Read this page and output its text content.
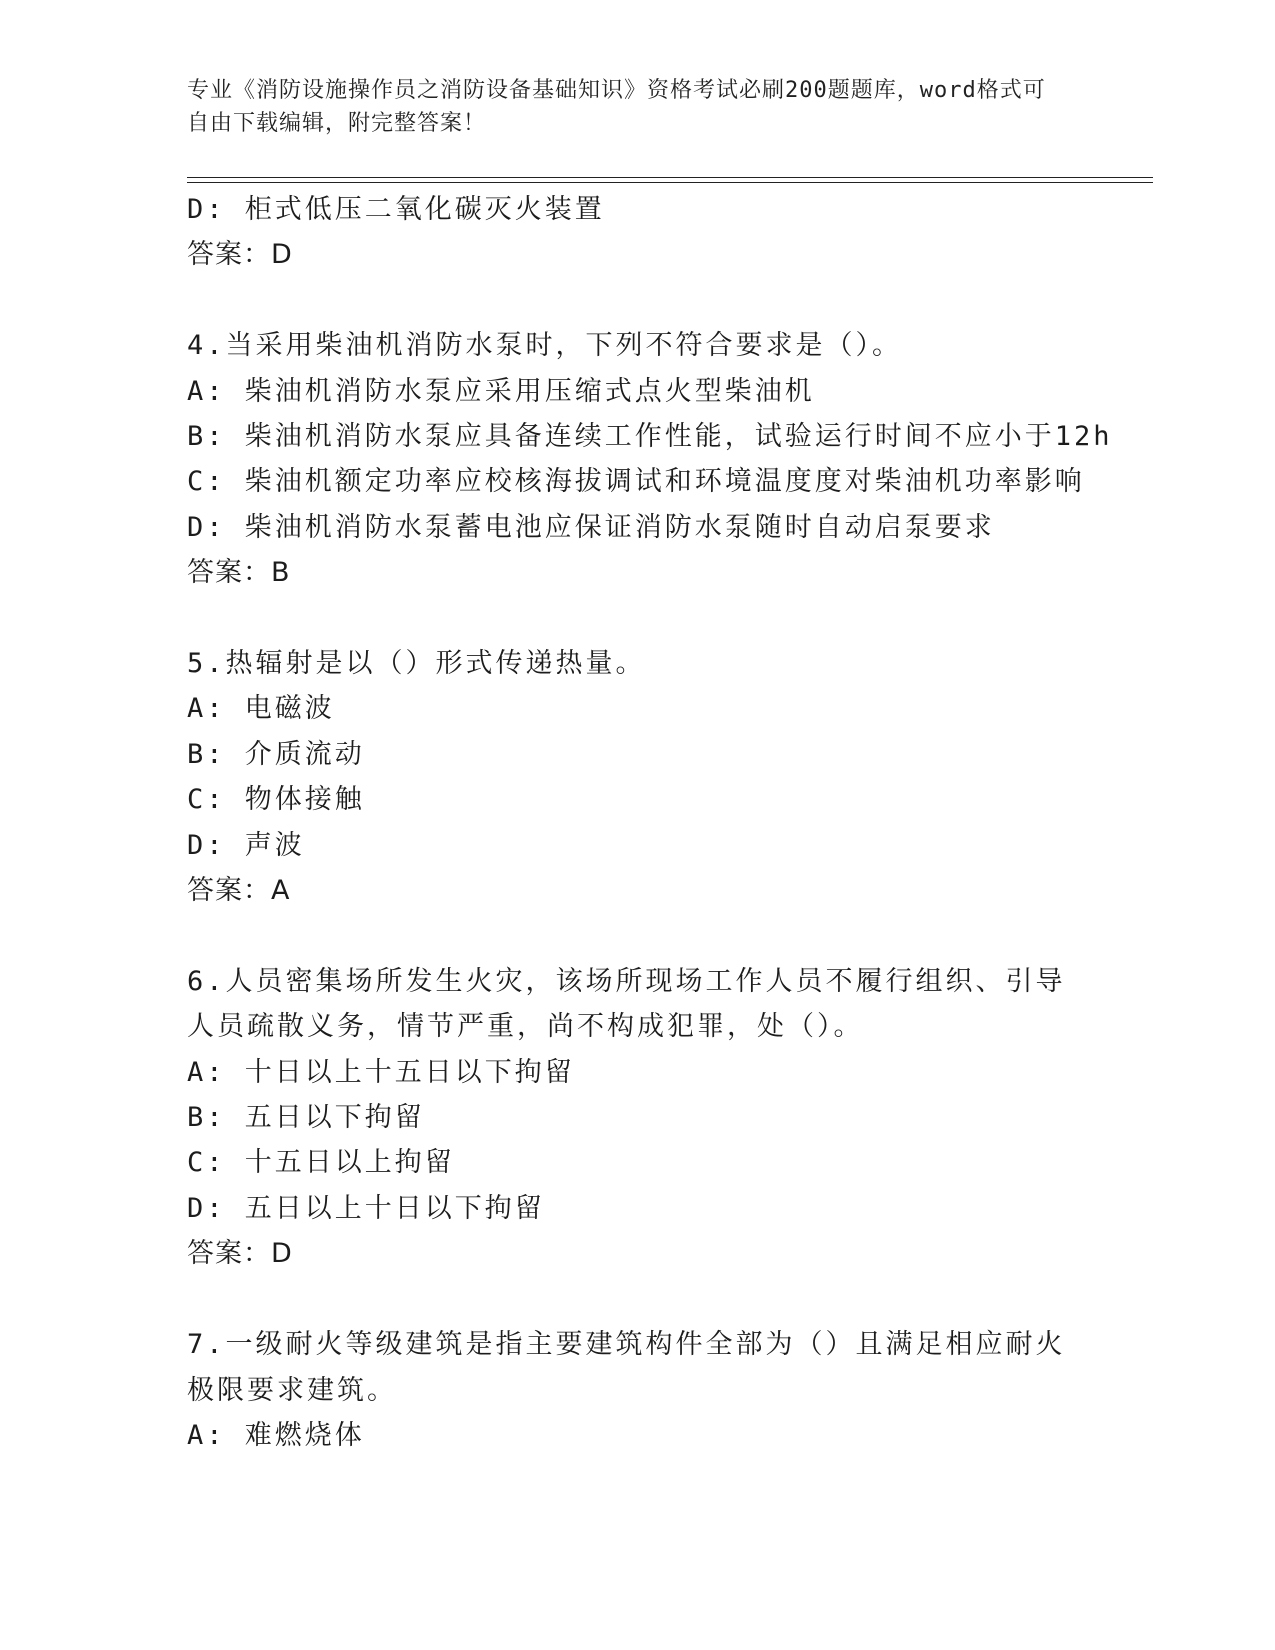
专业《消防设施操作员之消防设备基础知识》资格考试必刷200题题库，word格式可自由下载编辑，附完整答案！
D: 柜式低压二氧化碳灭火装置
答案：D
4.当采用柴油机消防水泵时，下列不符合要求是（）。
A: 柴油机消防水泵应采用压缩式点火型柴油机
B: 柴油机消防水泵应具备连续工作性能，试验运行时间不应小于12h
C: 柴油机额定功率应校核海拔调试和环境温度度对柴油机功率影响
D: 柴油机消防水泵蓄电池应保证消防水泵随时自动启泵要求
答案：B
5.热辐射是以（）形式传递热量。
A: 电磁波
B: 介质流动
C: 物体接触
D: 声波
答案：A
6.人员密集场所发生火灾，该场所现场工作人员不履行组织、引导人员疏散义务，情节严重，尚不构成犯罪，处（）。
A: 十日以上十五日以下拘留
B: 五日以下拘留
C: 十五日以上拘留
D: 五日以上十日以下拘留
答案：D
7.一级耐火等级建筑是指主要建筑构件全部为（）且满足相应耐火极限要求建筑。
A: 难燃烧体
